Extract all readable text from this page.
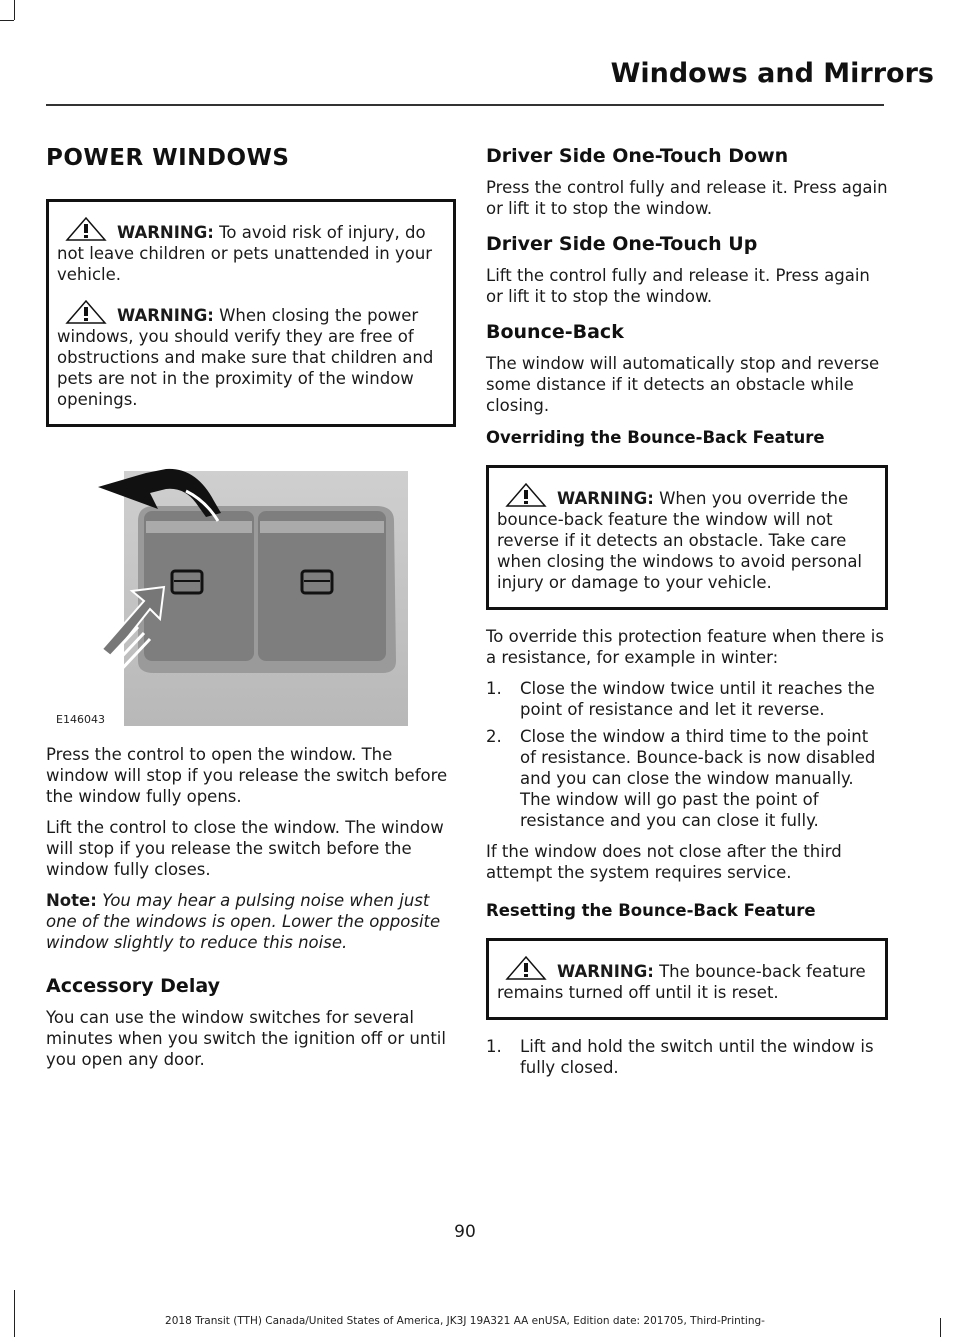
Windows and Mirrors
POWER WINDOWS
WARNING: To avoid risk of injury, do not leave children or pets unattended in your vehicle.
WARNING: When closing the power windows, you should verify they are free of obstructions and make sure that children and pets are not in the proximity of the window openings.
E146043

Press the control to open the window. The window will stop if you release the switch before the window fully opens.

Lift the control to close the window. The window will stop if you release the switch before the window fully closes.

Note: You may hear a pulsing noise when just one of the windows is open. Lower the opposite window slightly to reduce this noise.

Accessory Delay

You can use the window switches for several minutes when you switch the ignition off or until you open any door.

Driver Side One-Touch Down

Press the control fully and release it. Press again or lift it to stop the window.

Driver Side One-Touch Up

Lift the control fully and release it. Press again or lift it to stop the window.

Bounce-Back

The window will automatically stop and reverse some distance if it detects an obstacle while closing.

Overriding the Bounce-Back Feature
WARNING: When you override the bounce-back feature the window will not reverse if it detects an obstacle. Take care when closing the windows to avoid personal injury or damage to your vehicle.

To override this protection feature when there is a resistance, for example in winter:

1.	Close the window twice until it reaches the point of resistance and let it reverse.
2.	Close the window a third time to the point of resistance. Bounce-back is now disabled and you can close the window manually. The window will go past the point of resistance and you can close it fully.

If the window does not close after the third attempt the system requires service.

Resetting the Bounce-Back Feature
WARNING: The bounce-back feature remains turned off until it is reset.
1.	Lift and hold the switch until the window is fully closed.
90
2018 Transit (TTH) Canada/United States of America, JK3J 19A321 AA enUSA, Edition date: 201705, Third-Printing-
